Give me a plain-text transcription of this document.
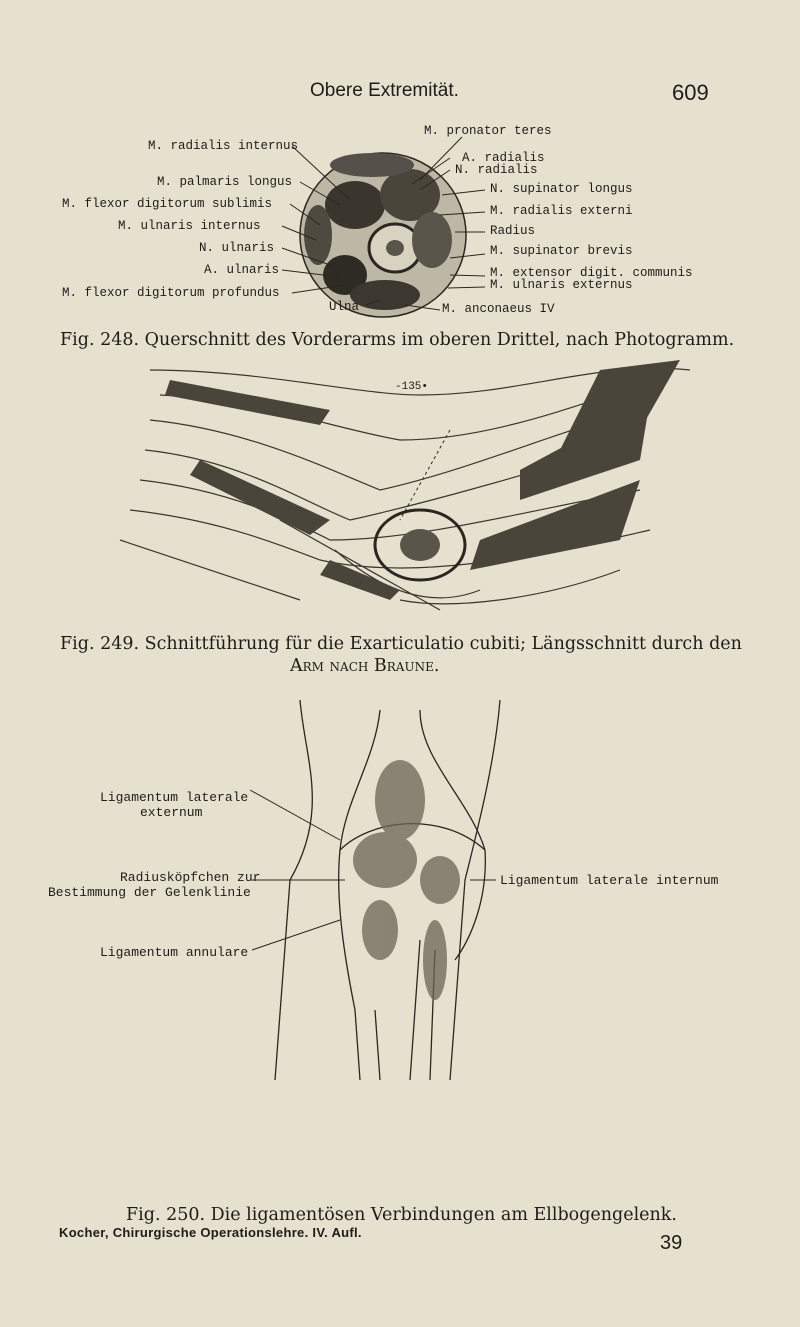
Obere Extremität.	609
M. radialis internus
M. palmaris longus
M. flexor digitorum sublimis
M. ulnaris internus
N. ulnaris
A. ulnaris
M. flexor digitorum profundus
Ulna
M. pronator teres
A. radialis
N. radialis
N. supinator longus
M. radialis externi
Radius
M. supinator brevis
M. extensor digit. communis
M. ulnaris externus
M. anconaeus IV
Fig. 248. Querschnitt des Vorderarms im oberen Drittel, nach Photogramm.
-135•
Fig. 249. Schnittführung für die Exarticulatio cubiti; Längsschnitt durch den
Arm nach Braune.
Ligamentum laterale
externum
Radiusköpfchen zur
Bestimmung der Gelenklinie
Ligamentum annulare
Ligamentum laterale internum
Fig. 250. Die ligamentösen Verbindungen am Ellbogengelenk.
Kocher, Chirurgische Operationslehre. IV. Aufl.	39
